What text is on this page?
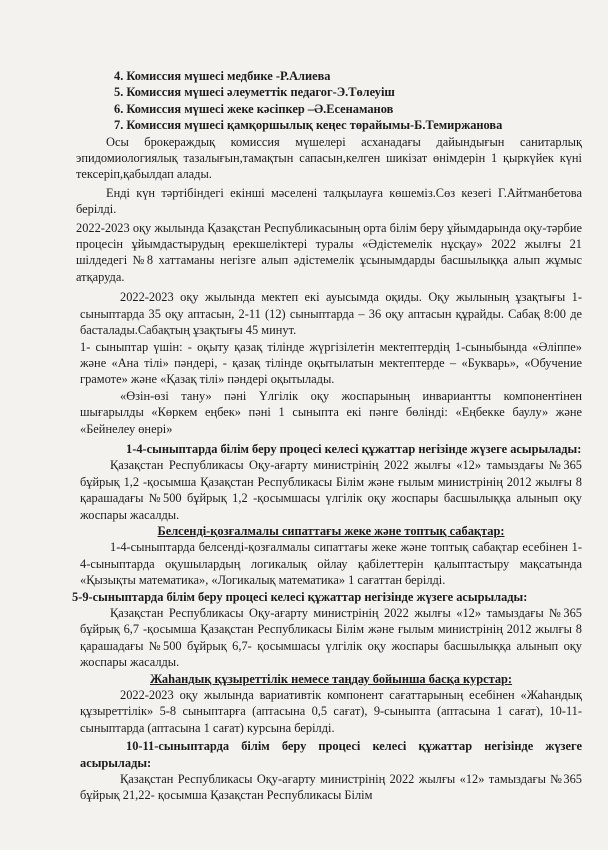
4. Комиссия мүшесі медбике -Р.Алиева

5. Комиссия мүшесі әлеуметтік педагог-Э.Төлеуіш

6. Комиссия мүшесі жеке кәсіпкер –Ә.Есенаманов

7. Комиссия мүшесі қамқоршылық кеңес төрайымы-Б.Темиржанова

Осы брокераждық комиссия мүшелері асханадағы дайындығын санитарлық эпидомиологиялық тазалығын,тамақтын сапасын,келген шикізат өнімдерін 1 қыркүйек күні тексеріп,қабылдап алады.

Енді күн тәртібіндегі екінші мәселені талқылауға көшеміз.Сөз кезегі Г.Айтманбетова берілді.

2022-2023 оқу жылында Қазақстан Республикасының орта білім беру ұйымдарында оқу-тәрбие процесін ұйымдастырудың ерекшеліктері туралы «Әдістемелік нұсқау» 2022 жылғы 21 шілдедегі №8 хаттаманы негізге алып әдістемелік ұсынымдарды басшылыққа алып жұмыс атқаруда.

2022-2023 оқу жылында мектеп екі ауысымда оқиды. Оқу жылының ұзақтығы 1-сыныптарда 35 оқу аптасын, 2-11 (12) сыныптарда – 36 оқу аптасын құрайды. Сабақ 8:00 де басталады.Сабақтың ұзақтығы 45 минут.

1- сыныптар үшін: - оқыту қазақ тілінде жүргізілетін мектептердің 1-сыныбында «Әліппе» және «Ана тілі» пәндері, - қазақ тілінде оқытылатын мектептерде – «Букварь», «Обучение грамоте» және «Қазақ тілі» пәндері оқытылады.

«Өзін-өзі тану» пәні Үлгілік оқу жоспарының инвариантты компонентінен шығарылды «Көркем еңбек» пәні 1 сыныпта екі пәнге бөлінді: «Еңбекке баулу» және «Бейнелеу өнері»

1-4-сыныптарда білім беру процесі келесі құжаттар негізінде жүзеге асырылады:

Қазақстан Республикасы Оқу-ағарту министрінің 2022 жылғы «12» тамыздағы №365 бұйрық 1,2 -қосымша Қазақстан Республикасы Білім және ғылым министрінің 2012 жылғы 8 қарашадағы №500 бұйрық 1,2 -қосымшасы үлгілік оқу жоспары басшылыққа алынып оқу жоспары жасалды.

Белсенді-қозғалмалы сипаттағы жеке және топтық сабақтар:

1-4-сыныптарда белсенді-қозғалмалы сипаттағы жеке және топтық сабақтар есебінен 1-4-сыныптарда оқушылардың логикалық ойлау қабілеттерін қалыптастыру мақсатында «Қызықты математика», «Логикалық математика» 1 сағаттан берілді.

5-9-сыныптарда білім беру процесі келесі құжаттар негізінде жүзеге асырылады:

Қазақстан Республикасы Оқу-ағарту министрінің 2022 жылғы «12» тамыздағы №365 бұйрық 6,7 -қосымша Қазақстан Республикасы Білім және ғылым министрінің 2012 жылғы 8 қарашадағы №500 бұйрық 6,7- қосымшасы үлгілік оқу жоспары басшылыққа алынып оқу жоспары жасалды.

Жаһандық құзыреттілік немесе таңдау бойынша басқа курстар:

2022-2023 оқу жылында вариативтік компонент сағаттарының есебінен «Жаһандық құзыреттілік» 5-8 сыныптарға (аптасына 0,5 сағат), 9-сыныпта (аптасына 1 сағат), 10-11-сыныптарда (аптасына 1 сағат) курсына берілді.

10-11-сыныптарда білім беру процесі келесі құжаттар негізінде жүзеге асырылады:

Қазақстан Республикасы Оқу-ағарту министрінің 2022 жылғы «12» тамыздағы №365 бұйрық 21,22- қосымша Қазақстан Республикасы Білім
